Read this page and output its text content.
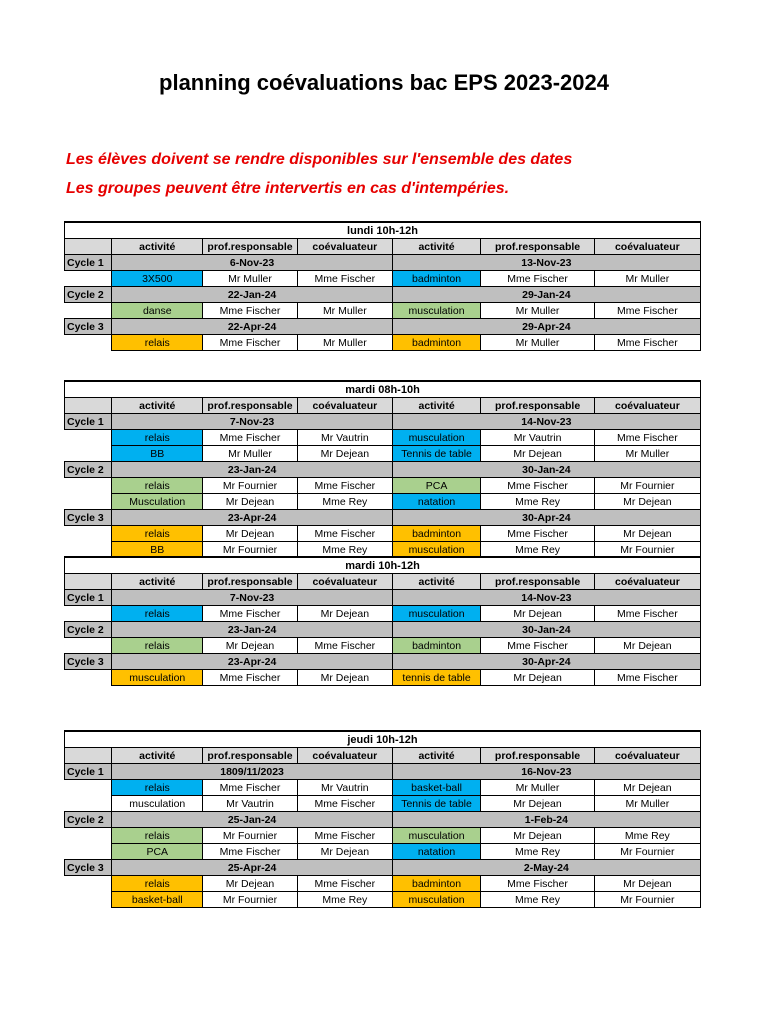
planning coévaluations bac EPS 2023-2024
Les élèves doivent se rendre disponibles sur l'ensemble des dates
Les groupes peuvent être intervertis en cas d'intempéries.
lundi 10h-12h						
	activité	prof.responsable	coévaluateur	activité	prof.responsable	coévaluateur
Cycle 1	6-Nov-23			13-Nov-23		
	3X500	Mr Muller	Mme Fischer	badminton	Mme Fischer	Mr Muller
Cycle 2	22-Jan-24			29-Jan-24		
	danse	Mme Fischer	Mr Muller	musculation	Mr Muller	Mme Fischer
Cycle 3	22-Apr-24			29-Apr-24		
	relais	Mme Fischer	Mr Muller	badminton	Mr Muller	Mme Fischer
mardi 08h-10h						
	activité	prof.responsable	coévaluateur	activité	prof.responsable	coévaluateur
Cycle 1	7-Nov-23			14-Nov-23		
	relais	Mme Fischer	Mr Vautrin	musculation	Mr Vautrin	Mme Fischer
	BB	Mr Muller	Mr Dejean	Tennis de table	Mr Dejean	Mr Muller
Cycle 2	23-Jan-24			30-Jan-24		
	relais	Mr Fournier	Mme Fischer	PCA	Mme Fischer	Mr Fournier
	Musculation	Mr Dejean	Mme Rey	natation	Mme Rey	Mr Dejean
Cycle 3	23-Apr-24			30-Apr-24		
	relais	Mr Dejean	Mme Fischer	badminton	Mme Fischer	Mr Dejean
	BB	Mr Fournier	Mme Rey	musculation	Mme Rey	Mr Fournier
mardi 10h-12h						
	activité	prof.responsable	coévaluateur	activité	prof.responsable	coévaluateur
Cycle 1	7-Nov-23			14-Nov-23		
	relais	Mme Fischer	Mr Dejean	musculation	Mr Dejean	Mme Fischer
Cycle 2	23-Jan-24			30-Jan-24		
	relais	Mr Dejean	Mme Fischer	badminton	Mme Fischer	Mr Dejean
Cycle 3	23-Apr-24			30-Apr-24		
	musculation	Mme Fischer	Mr Dejean	tennis de table	Mr Dejean	Mme Fischer
jeudi 10h-12h						
	activité	prof.responsable	coévaluateur	activité	prof.responsable	coévaluateur
Cycle 1	1809/11/2023			16-Nov-23		
	relais	Mme Fischer	Mr Vautrin	basket-ball	Mr Muller	Mr Dejean
	musculation	Mr Vautrin	Mme Fischer	Tennis de table	Mr Dejean	Mr Muller
Cycle 2	25-Jan-24			1-Feb-24		
	relais	Mr Fournier	Mme Fischer	musculation	Mr Dejean	Mme Rey
	PCA	Mme Fischer	Mr Dejean	natation	Mme Rey	Mr Fournier
Cycle 3	25-Apr-24			2-May-24		
	relais	Mr Dejean	Mme Fischer	badminton	Mme Fischer	Mr Dejean
	basket-ball	Mr Fournier	Mme Rey	musculation	Mme Rey	Mr Fournier
